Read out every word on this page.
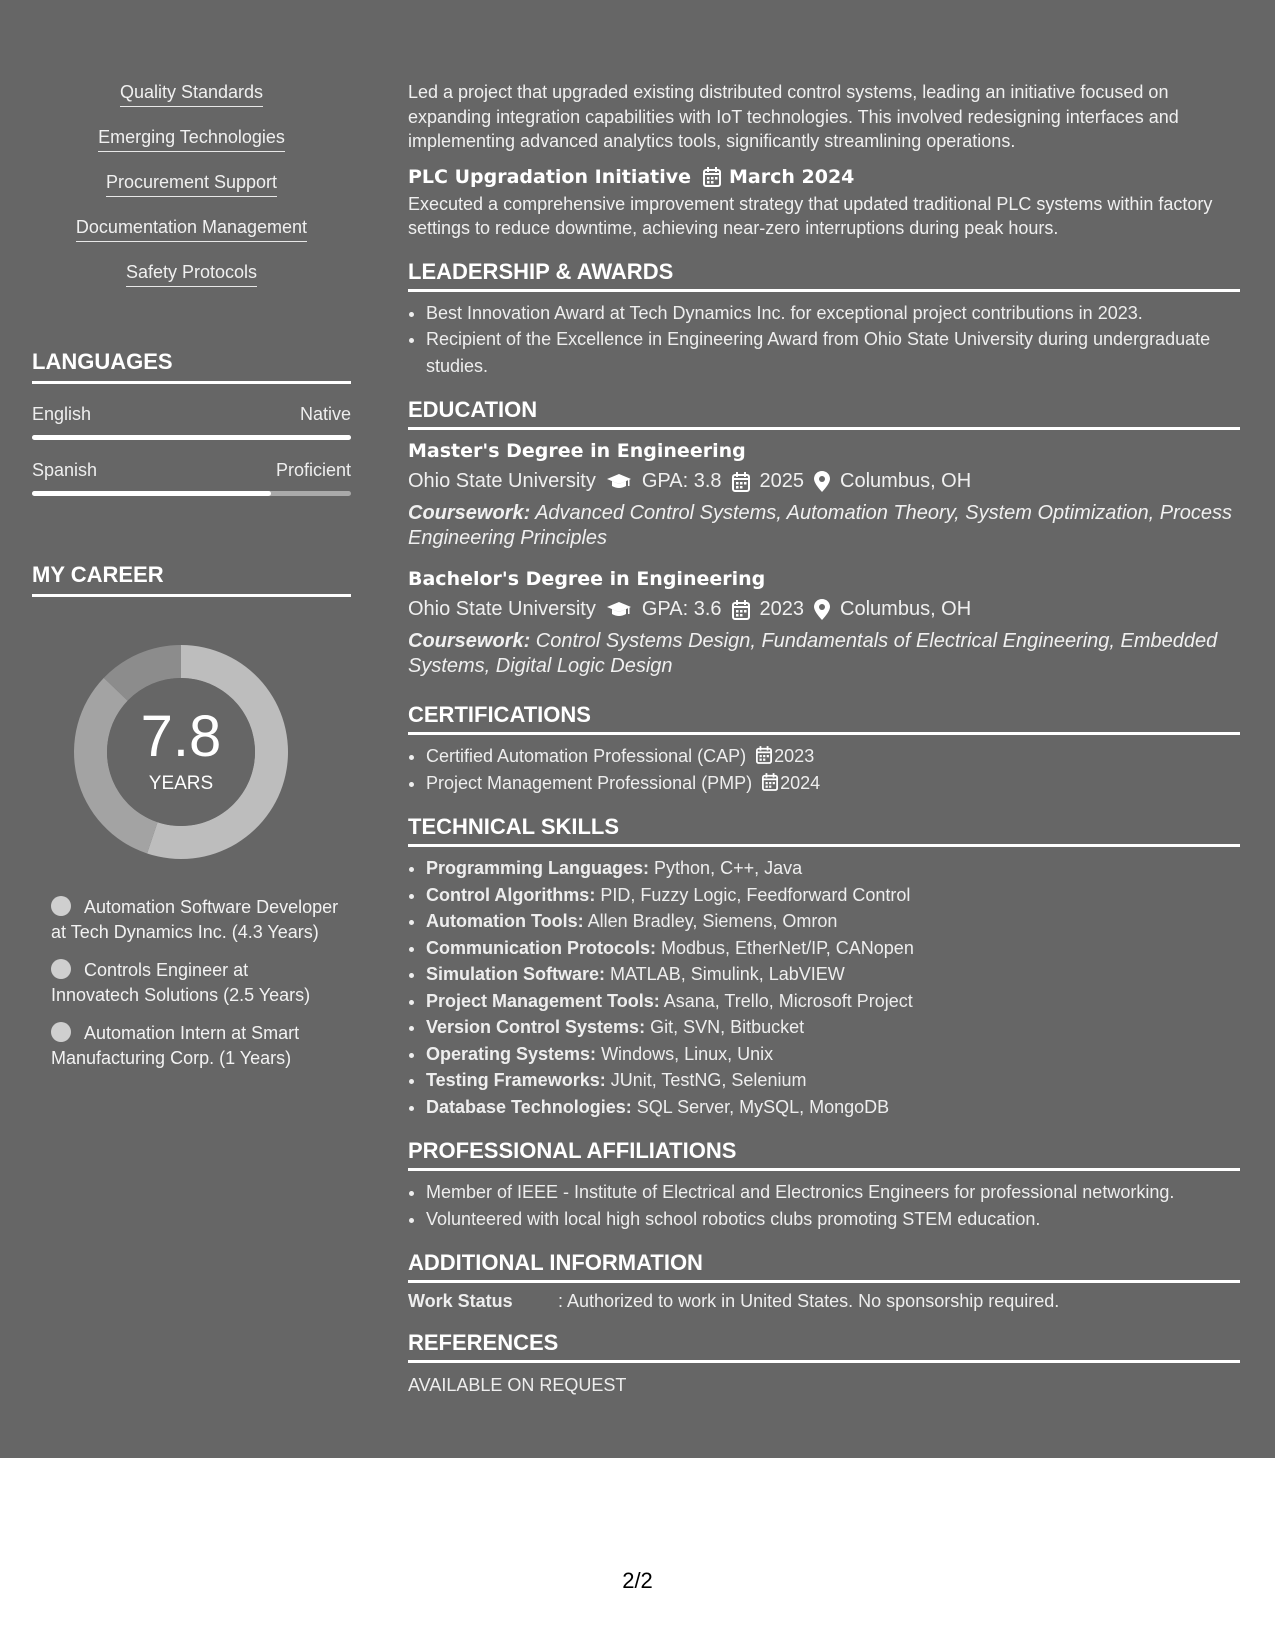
Quality Standards
Emerging Technologies
Procurement Support
Documentation Management
Safety Protocols
LANGUAGES
English	Native
Spanish	Proficient
MY CAREER
7.8
YEARS
Automation Software Developer at Tech Dynamics Inc. (4.3 Years)
Controls Engineer at Innovatech Solutions (2.5 Years)
Automation Intern at Smart Manufacturing Corp. (1 Years)
Led a project that upgraded existing distributed control systems, leading an initiative focused on expanding integration capabilities with IoT technologies. This involved redesigning interfaces and implementing advanced analytics tools, significantly streamlining operations.
PLC Upgradation Initiative March 2024
Executed a comprehensive improvement strategy that updated traditional PLC systems within factory settings to reduce downtime, achieving near-zero interruptions during peak hours.
LEADERSHIP & AWARDS
• Best Innovation Award at Tech Dynamics Inc. for exceptional project contributions in 2023.
• Recipient of the Excellence in Engineering Award from Ohio State University during undergraduate studies.
EDUCATION
Master's Degree in Engineering
Ohio State University GPA: 3.8 2025 Columbus, OH
Coursework: Advanced Control Systems, Automation Theory, System Optimization, Process Engineering Principles
Bachelor's Degree in Engineering
Ohio State University GPA: 3.6 2023 Columbus, OH
Coursework: Control Systems Design, Fundamentals of Electrical Engineering, Embedded Systems, Digital Logic Design
CERTIFICATIONS
• Certified Automation Professional (CAP) 2023
• Project Management Professional (PMP) 2024
TECHNICAL SKILLS
• Programming Languages: Python, C++, Java
• Control Algorithms: PID, Fuzzy Logic, Feedforward Control
• Automation Tools: Allen Bradley, Siemens, Omron
• Communication Protocols: Modbus, EtherNet/IP, CANopen
• Simulation Software: MATLAB, Simulink, LabVIEW
• Project Management Tools: Asana, Trello, Microsoft Project
• Version Control Systems: Git, SVN, Bitbucket
• Operating Systems: Windows, Linux, Unix
• Testing Frameworks: JUnit, TestNG, Selenium
• Database Technologies: SQL Server, MySQL, MongoDB
PROFESSIONAL AFFILIATIONS
• Member of IEEE - Institute of Electrical and Electronics Engineers for professional networking.
• Volunteered with local high school robotics clubs promoting STEM education.
ADDITIONAL INFORMATION
Work Status	: Authorized to work in United States. No sponsorship required.
REFERENCES
AVAILABLE ON REQUEST
2/2
